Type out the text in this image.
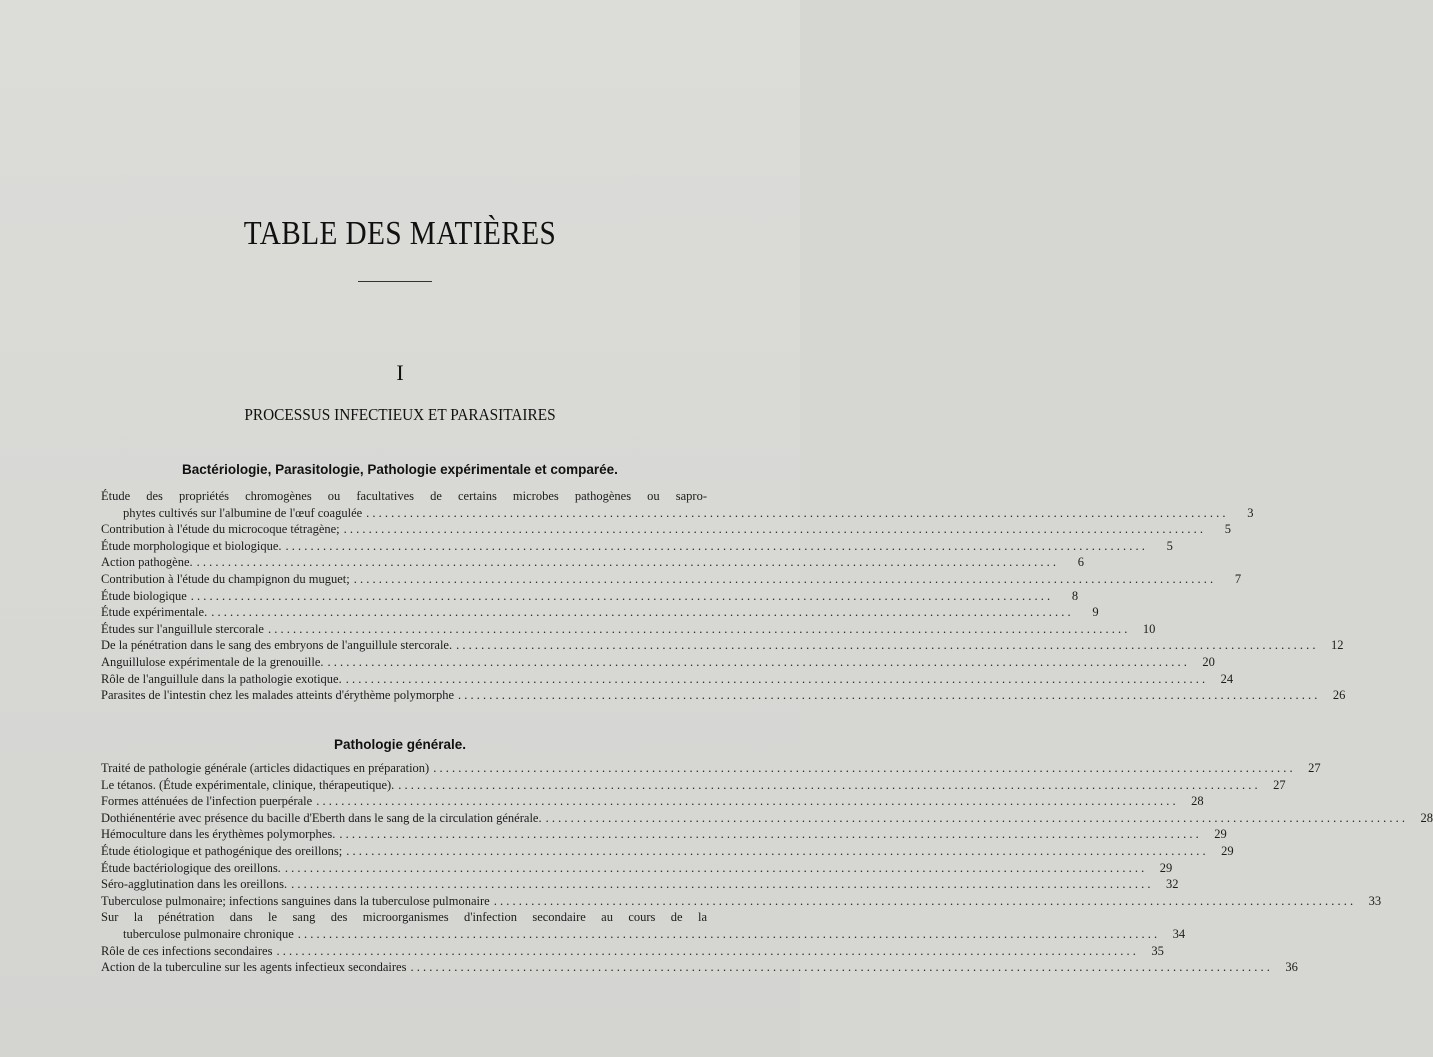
TABLE DES MATIÈRES
I
PROCESSUS INFECTIEUX ET PARASITAIRES
Bactériologie, Parasitologie, Pathologie expérimentale et comparée.
Étude des propriétés chromogènes ou facultatives de certains microbes pathogènes ou sapro-
phytes cultivés sur l'albumine de l'œuf coagulée . . .	3
Contribution à l'étude du microcoque tétragène; . . .	5
Étude morphologique et biologique. . . .	5
Action pathogène. . . .	6
Contribution à l'étude du champignon du muguet; . . .	7
Étude biologique . . .	8
Étude expérimentale. . . .	9
Études sur l'anguillule stercorale . . .	10
De la pénétration dans le sang des embryons de l'anguillule stercorale. . . .	12
Anguillulose expérimentale de la grenouille. . . .	20
Rôle de l'anguillule dans la pathologie exotique. . . .	24
Parasites de l'intestin chez les malades atteints d'érythème polymorphe . . .	26
Pathologie générale.
Traité de pathologie générale (articles didactiques en préparation) . . .	27
Le tétanos. (Étude expérimentale, clinique, thérapeutique). . . .	27
Formes atténuées de l'infection puerpérale . . .	28
Dothiénentérie avec présence du bacille d'Eberth dans le sang de la circulation générale. . . .	28
Hémoculture dans les érythèmes polymorphes. . . .	29
Étude étiologique et pathogénique des oreillons; . . .	29
Étude bactériologique des oreillons. . . .	29
Séro-agglutination dans les oreillons. . . .	32
Tuberculose pulmonaire; infections sanguines dans la tuberculose pulmonaire . . .	33
Sur la pénétration dans le sang des microorganismes d'infection secondaire au cours de la
tuberculose pulmonaire chronique . . .	34
Rôle de ces infections secondaires . . .	35
Action de la tuberculine sur les agents infectieux secondaires . . .	36
